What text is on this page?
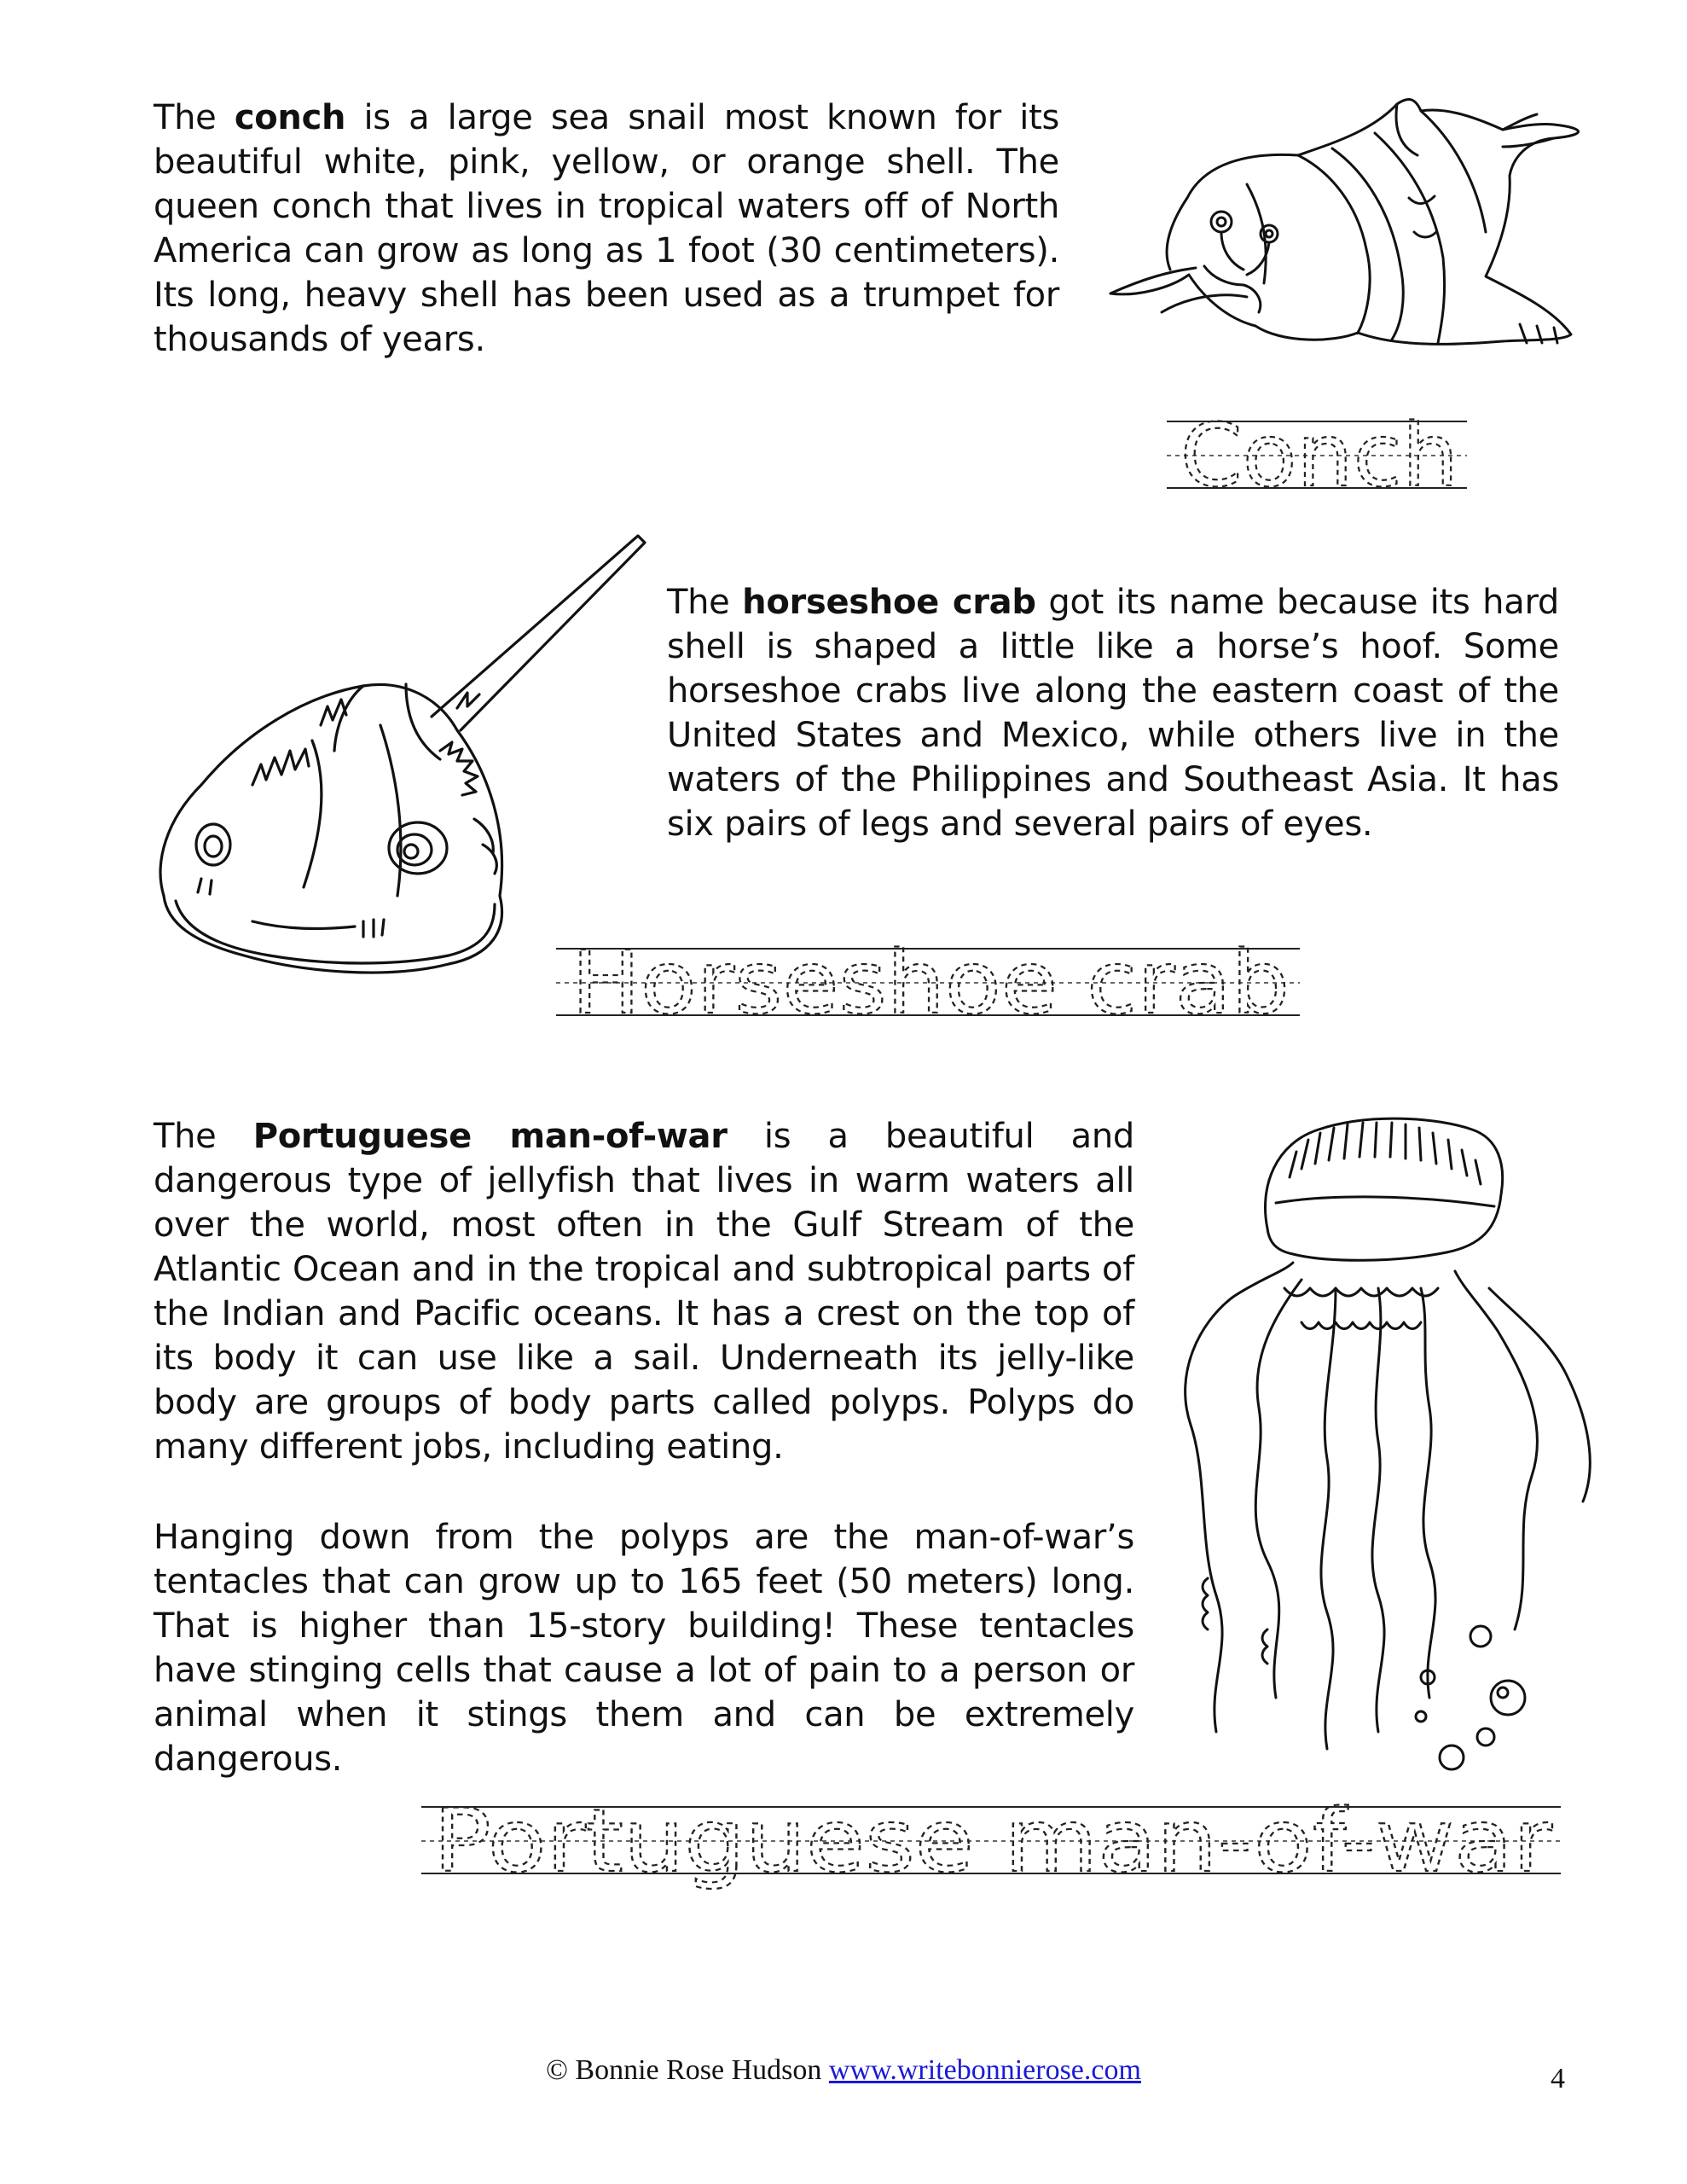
The conch is a large sea snail most known for its beautiful white, pink, yellow, or orange shell. The queen conch that lives in tropical waters off of North America can grow as long as 1 foot (30 centimeters). Its long, heavy shell has been used as a trumpet for thousands of years.

Conch

The horseshoe crab got its name because its hard shell is shaped a little like a horse’s hoof. Some horseshoe crabs live along the eastern coast of the United States and Mexico, while others live in the waters of the Philippines and Southeast Asia. It has six pairs of legs and several pairs of eyes.

Horseshoe crab

The Portuguese man-of-war is a beautiful and dangerous type of jellyfish that lives in warm waters all over the world, most often in the Gulf Stream of the Atlantic Ocean and in the tropical and subtropical parts of the Indian and Pacific oceans. It has a crest on the top of its body it can use like a sail. Underneath its jelly-like body are groups of body parts called polyps. Polyps do many different jobs, including eating.

Hanging down from the polyps are the man-of-war’s tentacles that can grow up to 165 feet (50 meters) long. That is higher than 15-story building! These tentacles have stinging cells that cause a lot of pain to a person or animal when it stings them and can be extremely dangerous.

Portuguese man-of-war
© Bonnie Rose Hudson www.writebonnierose.com	4
